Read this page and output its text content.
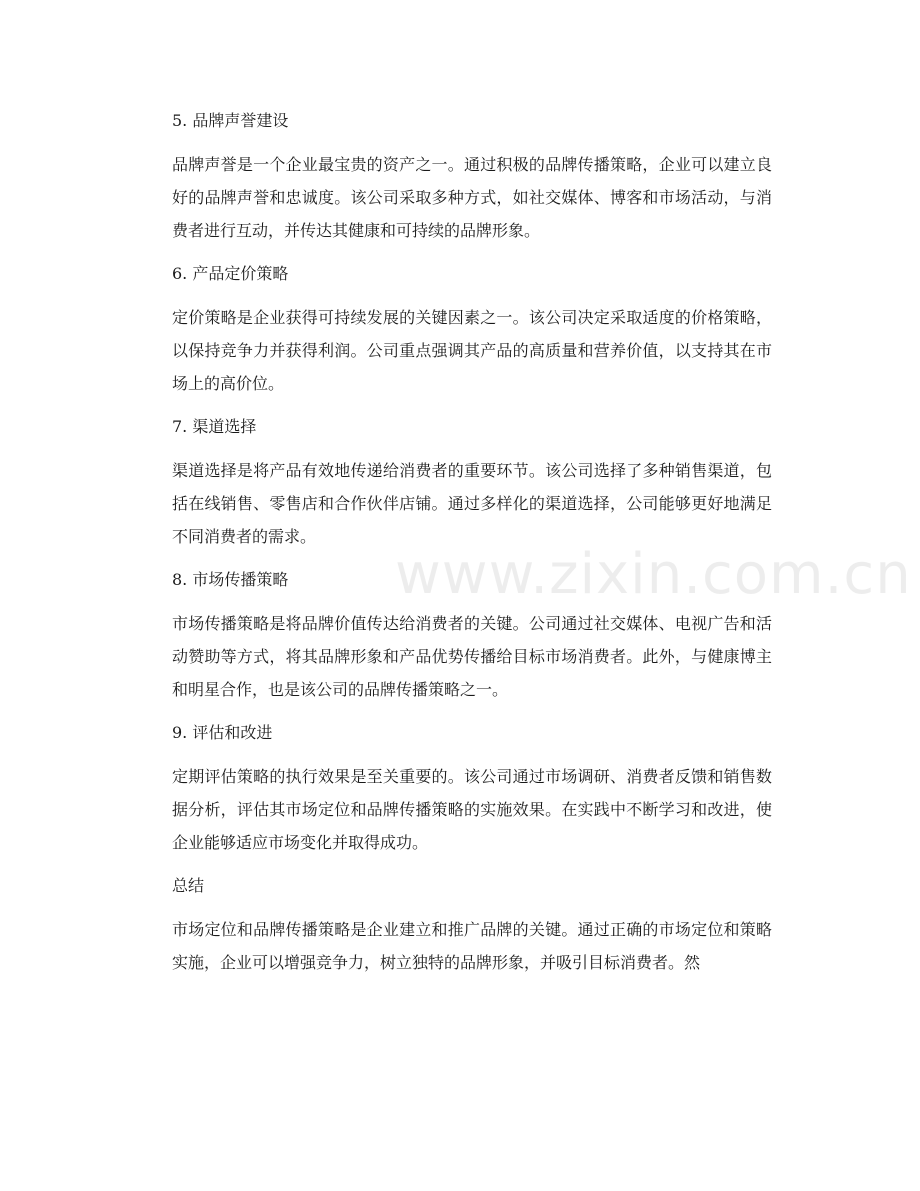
5. 品牌声誉建设

品牌声誉是一个企业最宝贵的资产之一。通过积极的品牌传播策略，企业可以建立良好的品牌声誉和忠诚度。该公司采取多种方式，如社交媒体、博客和市场活动，与消费者进行互动，并传达其健康和可持续的品牌形象。

6. 产品定价策略

定价策略是企业获得可持续发展的关键因素之一。该公司决定采取适度的价格策略，以保持竞争力并获得利润。公司重点强调其产品的高质量和营养价值，以支持其在市场上的高价位。

7. 渠道选择

渠道选择是将产品有效地传递给消费者的重要环节。该公司选择了多种销售渠道，包括在线销售、零售店和合作伙伴店铺。通过多样化的渠道选择，公司能够更好地满足不同消费者的需求。

8. 市场传播策略

市场传播策略是将品牌价值传达给消费者的关键。公司通过社交媒体、电视广告和活动赞助等方式，将其品牌形象和产品优势传播给目标市场消费者。此外，与健康博主和明星合作，也是该公司的品牌传播策略之一。

9. 评估和改进

定期评估策略的执行效果是至关重要的。该公司通过市场调研、消费者反馈和销售数据分析，评估其市场定位和品牌传播策略的实施效果。在实践中不断学习和改进，使企业能够适应市场变化并取得成功。

总结

市场定位和品牌传播策略是企业建立和推广品牌的关键。通过正确的市场定位和策略实施，企业可以增强竞争力，树立独特的品牌形象，并吸引目标消费者。然

www.zixin.com.cn
